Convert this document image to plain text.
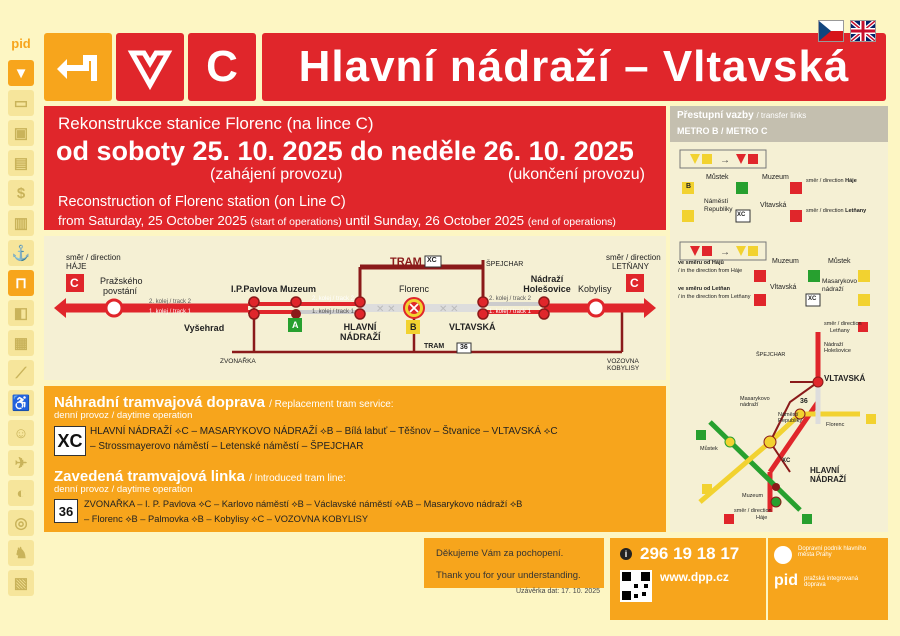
pid
▼
▭
▣
▤
$
▥
⚓
⊓
◧
▦
⟋
♿
☺
✈
◐
◎
♞
▧
C	Hlavní nádraží – Vltavská
Rekonstrukce stanice Florenc (na lince C)
od soboty 25. 10. 2025 do neděle 26. 10. 2025
(zahájení provozu)	(ukončení provozu)
Reconstruction of Florenc station (on Line C)
from Saturday, 25 October 2025 (start of operations) until Sunday, 26 October 2025 (end of operations)
✕ ✕	✕ ✕
směr / direction
HÁJE
směr / direction
LETŇANY
C	C
Pražského povstání	I.P.Pavlova Muzeum	Florenc
Nádraží Holešovice Kobylisy
Vyšehrad	HLAVNÍ NÁDRAŽÍ
VLTAVSKÁ
2. kolej / track 2
2. kolej / track 2
1. kolej / track 1	1. kolej / track 1
2. kolej / track 2
1. kolej / track 1
TRAM XC
ŠPEJCHAR
ZVONAŘKA	VOZOVNA KOBYLISY
TRAM 36
A	B
Náhradní tramvajová doprava / Replacement tram service:
denní provoz / daytime operation
XC HLAVNÍ NÁDRAŽÍ ⟡C – MASARYKOVO NÁDRAŽÍ ⟡B – Bílá labuť – Těšnov – Štvanice – VLTAVSKÁ ⟡C
– Strossmayerovo náměstí – Letenské náměstí – ŠPEJCHAR
Zavedená tramvajová linka / Introduced tram line:
denní provoz / daytime operation
36	ZVONAŘKA – I. P. Pavlova ⟡C – Karlovo náměstí ⟡B – Václavské náměstí ⟡AB – Masarykovo nádraží ⟡B
– Florenc ⟡B – Palmovka ⟡B – Kobylisy ⟡C – VOZOVNA KOBYLISY
Přestupní vazby / transfer links
METRO B / METRO C
→
→
B
Můstek	Muzeum	směr / direction Háje
Náměstí Republiky
XC
Vltavská
směr / direction Letňany
ve směru od Hájů
/ in the direction from Háje
Muzeum	Můstek
ve směru od Letňan
/ in the direction from Letňany
Vltavská
XC
Masarykovo nádraží
směr / direction
Letňany
Nádraží Holešovice
ŠPEJCHAR
VLTAVSKÁ
Masarykovo nádraží
Náměstí Republiky
Florenc
Můstek
HLAVNÍ NÁDRAŽÍ
Muzeum
směr / direction
Háje
36
XC
Děkujeme Vám za pochopení.
Thank you for your understanding.
Uzávěrka dat: 17. 10. 2025
i 296 19 18 17
www.dpp.cz
Dopravní podnik hlavního města Prahy
pid pražská integrovaná doprava
